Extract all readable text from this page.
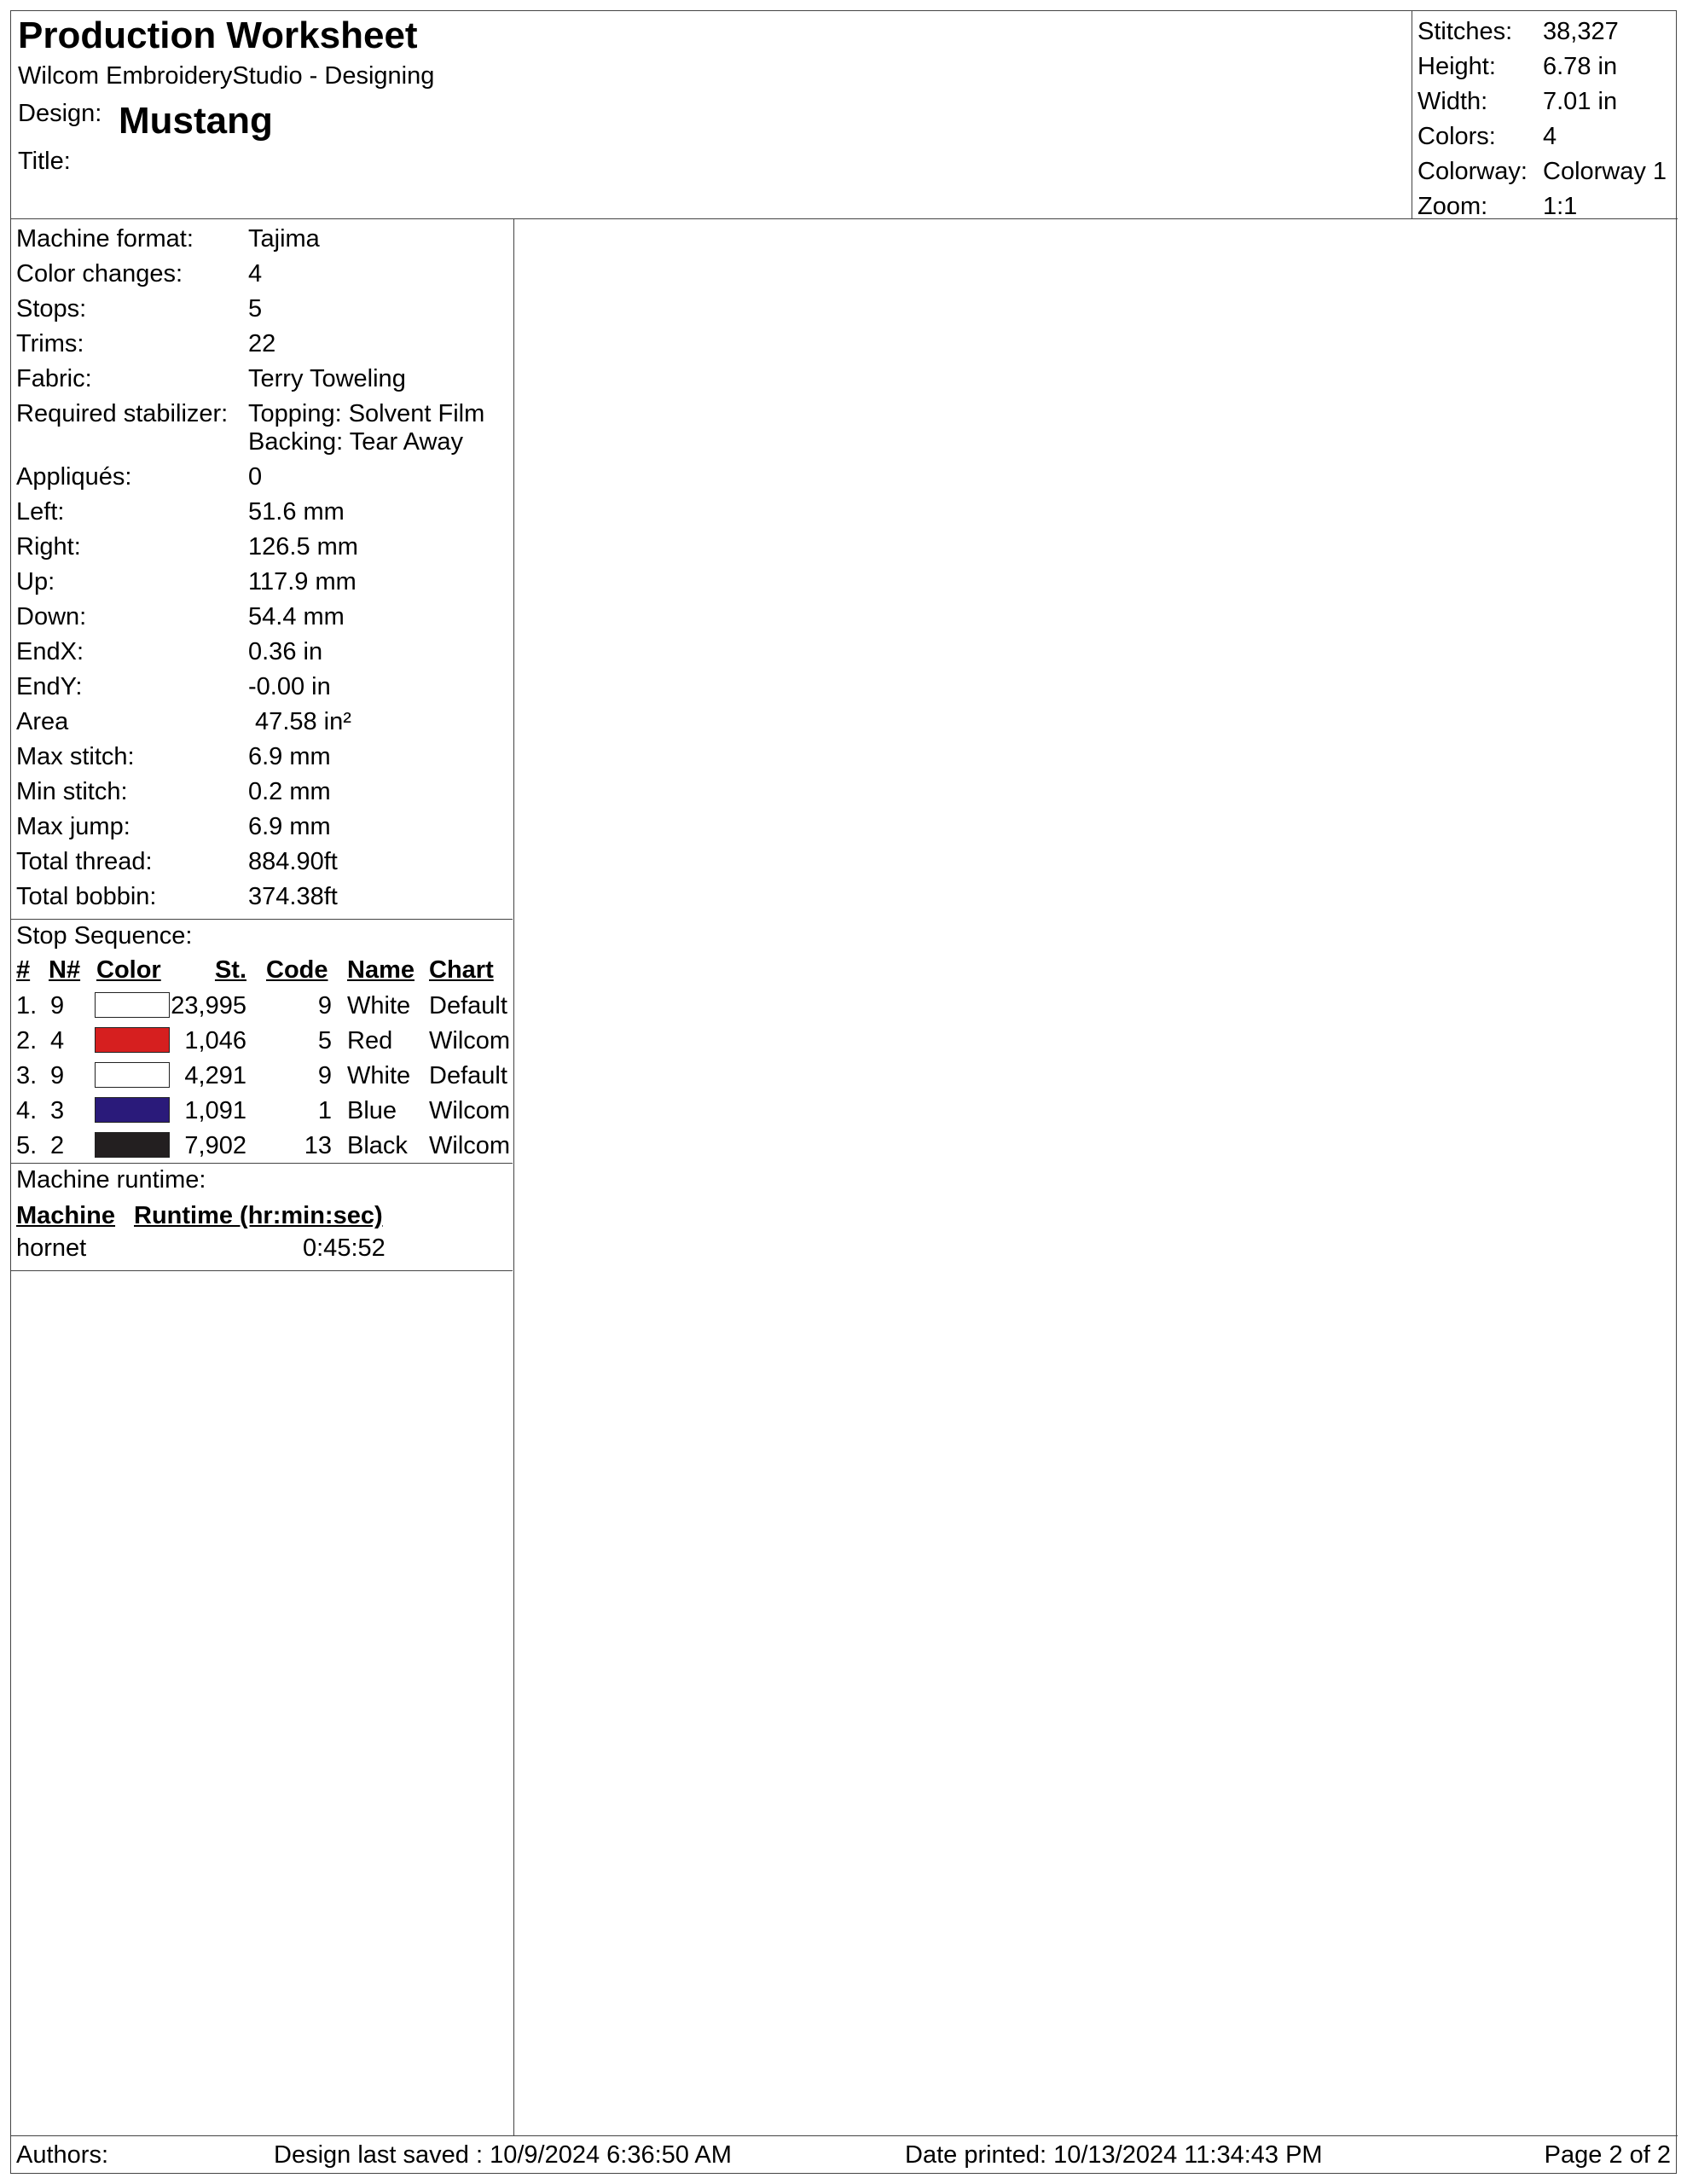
Production Worksheet
Wilcom EmbroideryStudio - Designing
Design: Mustang
Title:
Stitches:	38,327
Height:	6.78 in
Width:	7.01 in
Colors:	4
Colorway: Colorway 1
Zoom:	1:1
Machine format: Tajima
Color changes:	4
Stops:	5
Trims:	22
Fabric:	Terry Toweling
Required stabilizer: Topping: Solvent Film
Backing: Tear Away
Appliqués:	0
Left:	51.6 mm
Right:	126.5 mm
Up:	117.9 mm
Down:	54.4 mm
EndX:	0.36 in
EndY:	-0.00 in
Area	47.58 in²
Max stitch:	6.9 mm
Min stitch:	0.2 mm
Max jump:	6.9 mm
Total thread:	884.90ft
Total bobbin:	374.38ft
Stop Sequence:
# N# Color St. Code Name Chart
1. 9	23,995	9 White Default
2. 4	1,046	5 Red Wilcom
3. 9	4,291	9 White Default
4. 3	1,091	1 Blue Wilcom
5. 2	7,902 13 Black Wilcom
Machine runtime:
Machine Runtime (hr:min:sec)
hornet	0:45:52
Authors:	Design last saved : 10/9/2024 6:36:50 AM	Date printed: 10/13/2024 11:34:43 PM	Page 2 of 2
